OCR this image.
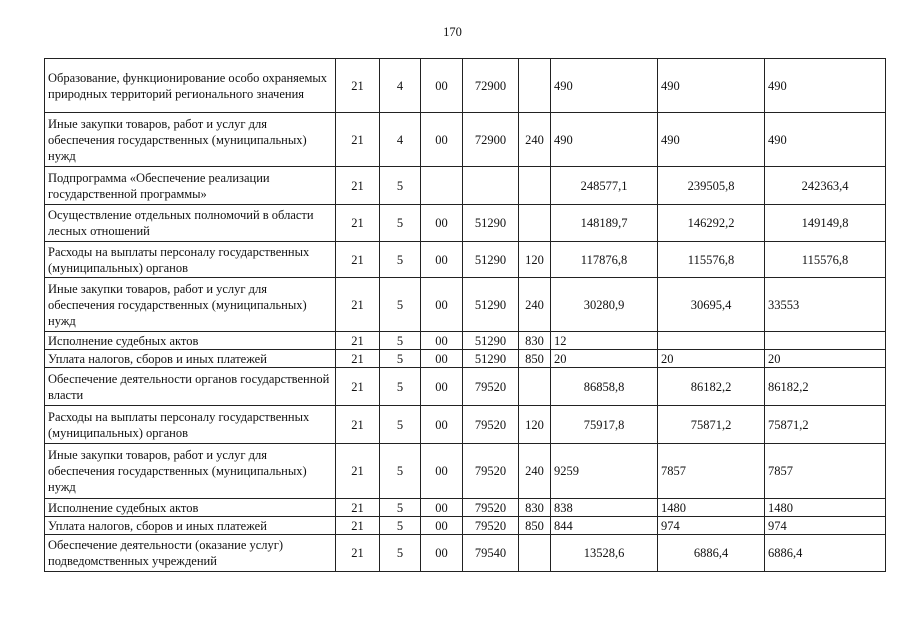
170
Образование, функционирование особо охраняемых природных территорий регионального значения	21	4	00	72900		490	490	490
Иные закупки товаров, работ и услуг для обеспечения государственных (муниципальных) нужд	21	4	00	72900	240	490	490	490
Подпрограмма «Обеспечение реализации государственной программы»	21	5				248577,1	239505,8	242363,4
Осуществление отдельных полномочий в области лесных отношений	21	5	00	51290		148189,7	146292,2	149149,8
Расходы на выплаты персоналу государственных (муниципальных) органов	21	5	00	51290	120	117876,8	115576,8	115576,8
Иные закупки товаров, работ и услуг для обеспечения государственных (муниципальных) нужд	21	5	00	51290	240	30280,9	30695,4	33553
Исполнение судебных актов	21	5	00	51290	830	12		
Уплата налогов, сборов и иных платежей	21	5	00	51290	850	20	20	20
Обеспечение деятельности органов государственной власти	21	5	00	79520		86858,8	86182,2	86182,2
Расходы на выплаты персоналу государственных (муниципальных) органов	21	5	00	79520	120	75917,8	75871,2	75871,2
Иные закупки товаров, работ и услуг для обеспечения государственных (муниципальных) нужд	21	5	00	79520	240	9259	7857	7857
Исполнение судебных актов	21	5	00	79520	830	838	1480	1480
Уплата налогов, сборов и иных платежей	21	5	00	79520	850	844	974	974
Обеспечение деятельности (оказание услуг) подведомственных учреждений	21	5	00	79540		13528,6	6886,4	6886,4
